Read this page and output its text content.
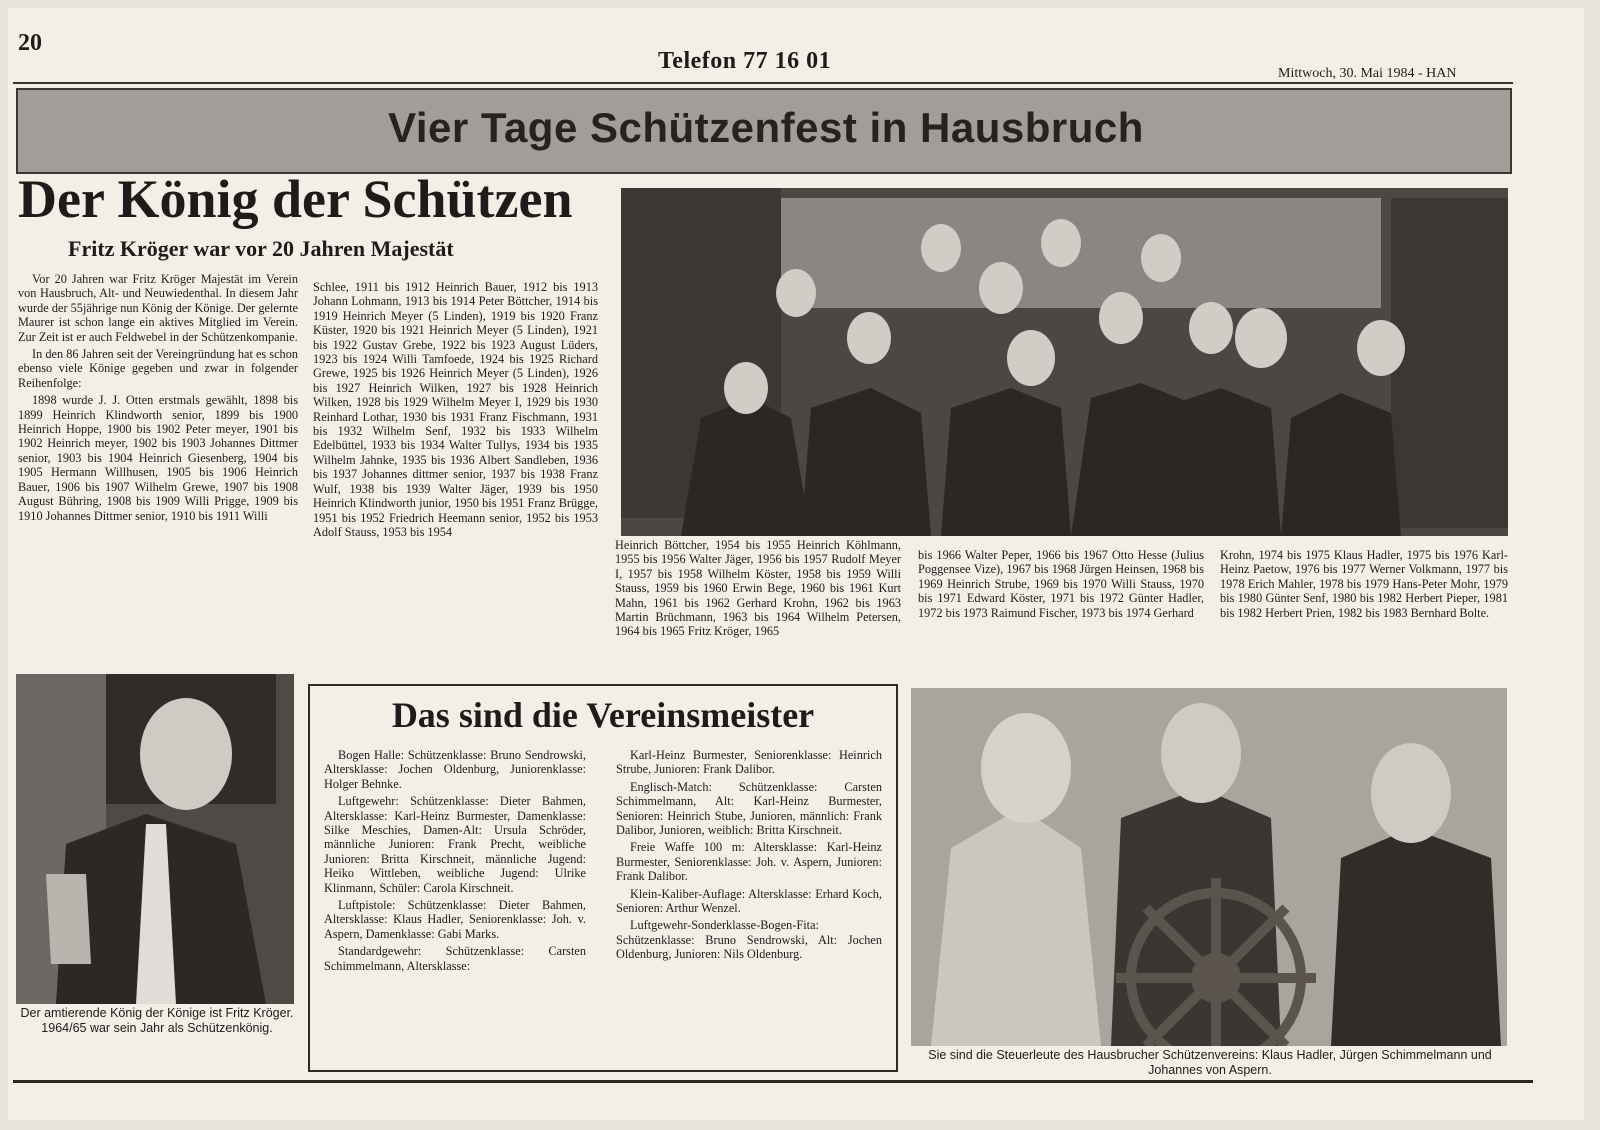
20
Telefon 77 16 01	Mittwoch, 30. Mai 1984 - HAN
Vier Tage Schützenfest in Hausbruch
Der König der Schützen
Fritz Kröger war vor 20 Jahren Majestät

Vor 20 Jahren war Fritz Kröger Majestät im Verein von Hausbruch, Alt- und Neuwiedenthal. In diesem Jahr wurde der 55jährige nun König der Könige. Der gelernte Maurer ist schon lange ein aktives Mitglied im Verein. Zur Zeit ist er auch Feldwebel in der Schützenkompanie.

In den 86 Jahren seit der Vereingründung hat es schon ebenso viele Könige gegeben und zwar in folgender Reihenfolge:

1898 wurde J. J. Otten erstmals gewählt, 1898 bis 1899 Heinrich Klindworth senior, 1899 bis 1900 Heinrich Hoppe, 1900 bis 1902 Peter meyer, 1901 bis 1902 Heinrich meyer, 1902 bis 1903 Johannes Dittmer senior, 1903 bis 1904 Heinrich Giesenberg, 1904 bis 1905 Hermann Willhusen, 1905 bis 1906 Heinrich Bauer, 1906 bis 1907 Wilhelm Grewe, 1907 bis 1908 August Bühring, 1908 bis 1909 Willi Prigge, 1909 bis 1910 Johannes Dittmer senior, 1910 bis 1911 Willi

Schlee, 1911 bis 1912 Heinrich Bauer, 1912 bis 1913 Johann Lohmann, 1913 bis 1914 Peter Böttcher, 1914 bis 1919 Heinrich Meyer (5 Linden), 1919 bis 1920 Franz Küster, 1920 bis 1921 Heinrich Meyer (5 Linden), 1921 bis 1922 Gustav Grebe, 1922 bis 1923 August Lüders, 1923 bis 1924 Willi Tamfoede, 1924 bis 1925 Richard Grewe, 1925 bis 1926 Heinrich Meyer (5 Linden), 1926 bis 1927 Heinrich Wilken, 1927 bis 1928 Heinrich Wilken, 1928 bis 1929 Wilhelm Meyer I, 1929 bis 1930 Reinhard Lothar, 1930 bis 1931 Franz Fischmann, 1931 bis 1932 Wilhelm Senf, 1932 bis 1933 Wilhelm Edelbüttel, 1933 bis 1934 Walter Tullys, 1934 bis 1935 Wilhelm Jahnke, 1935 bis 1936 Albert Sandleben, 1936 bis 1937 Johannes dittmer senior, 1937 bis 1938 Franz Wulf, 1938 bis 1939 Walter Jäger, 1939 bis 1950 Heinrich Klindworth junior, 1950 bis 1951 Franz Brügge, 1951 bis 1952 Friedrich Heemann senior, 1952 bis 1953 Adolf Stauss, 1953 bis 1954
Heinrich Böttcher, 1954 bis 1955 Heinrich Köhlmann, 1955 bis 1956 Walter Jäger, 1956 bis 1957 Rudolf Meyer I, 1957 bis 1958 Wilhelm Köster, 1958 bis 1959 Willi Stauss, 1959 bis 1960 Erwin Bege, 1960 bis 1961 Kurt Mahn, 1961 bis 1962 Gerhard Krohn, 1962 bis 1963 Martin Brüchmann, 1963 bis 1964 Wilhelm Petersen, 1964 bis 1965 Fritz Kröger, 1965
bis 1966 Walter Peper, 1966 bis 1967 Otto Hesse (Julius Poggensee Vize), 1967 bis 1968 Jürgen Heinsen, 1968 bis 1969 Heinrich Strube, 1969 bis 1970 Willi Stauss, 1970 bis 1971 Edward Köster, 1971 bis 1972 Günter Hadler, 1972 bis 1973 Raimund Fischer, 1973 bis 1974 Gerhard
Krohn, 1974 bis 1975 Klaus Hadler, 1975 bis 1976 Karl-Heinz Paetow, 1976 bis 1977 Werner Volkmann, 1977 bis 1978 Erich Mahler, 1978 bis 1979 Hans-Peter Mohr, 1979 bis 1980 Günter Senf, 1980 bis 1982 Herbert Pieper, 1981 bis 1982 Herbert Prien, 1982 bis 1983 Bernhard Bolte.
Der amtierende König der Könige ist Fritz Kröger. 1964/65 war sein Jahr als Schützenkönig.
Sie sind die Steuerleute des Hausbrucher Schützenvereins: Klaus Hadler, Jürgen Schimmelmann und Johannes von Aspern.
Das sind die Vereinsmeister

Bogen Halle: Schützenklasse: Bruno Sendrowski, Altersklasse: Jochen Oldenburg, Juniorenklasse: Holger Behnke.

Luftgewehr: Schützenklasse: Dieter Bahmen, Altersklasse: Karl-Heinz Burmester, Damenklasse: Silke Meschies, Damen-Alt: Ursula Schröder, männliche Junioren: Frank Precht, weibliche Junioren: Britta Kirschneit, männliche Jugend: Heiko Wittleben, weibliche Jugend: Ulrike Klinmann, Schüler: Carola Kirschneit.

Luftpistole: Schützenklasse: Dieter Bahmen, Altersklasse: Klaus Hadler, Seniorenklasse: Joh. v. Aspern, Damenklasse: Gabi Marks.

Standardgewehr: Schützenklasse: Carsten Schimmelmann, Altersklasse:

Karl-Heinz Burmester, Seniorenklasse: Heinrich Strube, Junioren: Frank Dalibor.

Englisch-Match: Schützenklasse: Carsten Schimmelmann, Alt: Karl-Heinz Burmester, Senioren: Heinrich Stube, Junioren, männlich: Frank Dalibor, Junioren, weiblich: Britta Kirschneit.

Freie Waffe 100 m: Altersklasse: Karl-Heinz Burmester, Seniorenklasse: Joh. v. Aspern, Junioren: Frank Dalibor.

Klein-Kaliber-Auflage: Altersklasse: Erhard Koch, Senioren: Arthur Wenzel.

Luftgewehr-Sonderklasse-Bogen-Fita: Schützenklasse: Bruno Sendrowski, Alt: Jochen Oldenburg, Junioren: Nils Oldenburg.
